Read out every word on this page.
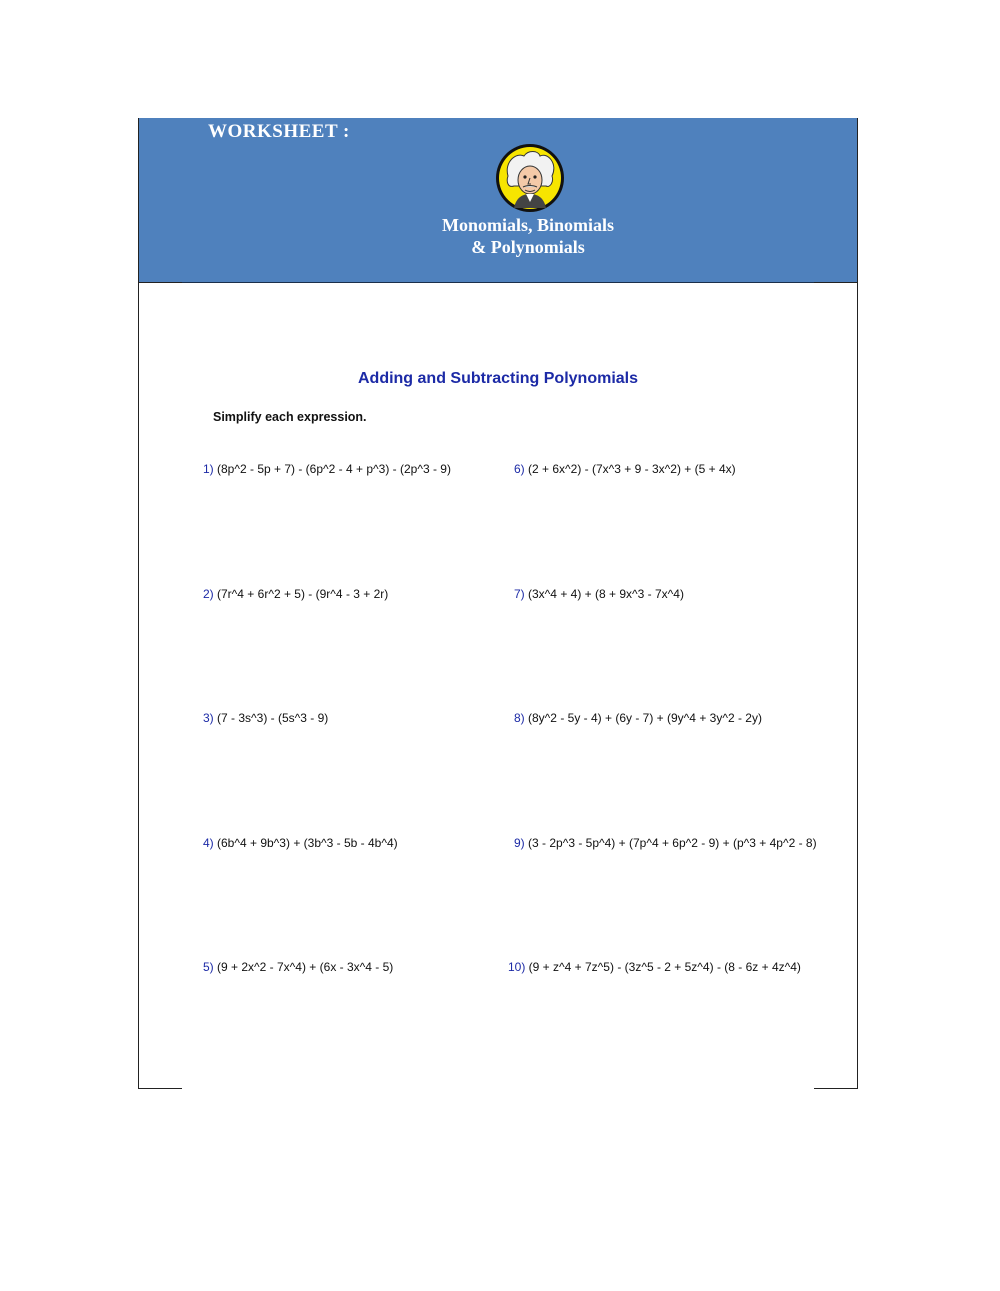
WORKSHEET :
Monomials, Binomials
& Polynomials
Adding and Subtracting Polynomials
Simplify each expression.
1) (8p^2 - 5p + 7) - (6p^2 - 4 + p^3) - (2p^3 - 9)
2) (7r^4 + 6r^2 + 5) - (9r^4 - 3 + 2r)
3) (7 - 3s^3) - (5s^3 - 9)
4) (6b^4 + 9b^3) + (3b^3 - 5b - 4b^4)
5) (9 + 2x^2 - 7x^4) + (6x - 3x^4 - 5)
6) (2 + 6x^2) - (7x^3 + 9 - 3x^2) + (5 + 4x)
7) (3x^4 + 4) + (8 + 9x^3 - 7x^4)
8) (8y^2 - 5y - 4) + (6y - 7) + (9y^4 + 3y^2 - 2y)
9) (3 - 2p^3 - 5p^4) + (7p^4 + 6p^2 - 9) + (p^3 + 4p^2 - 8)
10) (9 + z^4 + 7z^5) - (3z^5 - 2 + 5z^4) - (8 - 6z + 4z^4)
